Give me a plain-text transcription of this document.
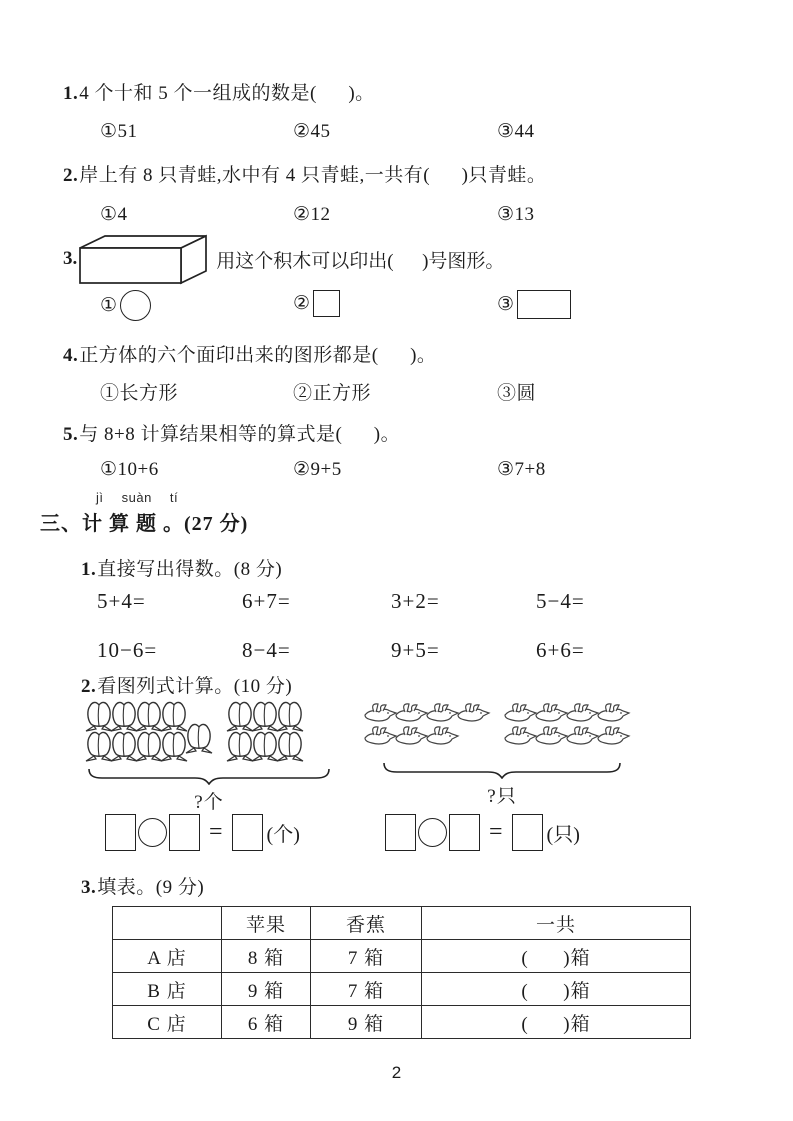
1.4 个十和 5 个一组成的数是(      )。
①51	②45	③44
2.岸上有 8 只青蛙,水中有 4 只青蛙,一共有(      )只青蛙。
①4	②12	③13
3.	用这个积木可以印出(      )号图形。
①	②	③
4.正方体的六个面印出来的图形都是(      )。
①长方形	②正方形	③圆
5.与 8+8 计算结果相等的算式是(      )。
①10+6	②9+5	③7+8
jì suàn tí
三、计 算 题 。(27 分)
1.直接写出得数。(8 分)
5+4=	6+7=	3+2=	5−4=
10−6=	8−4=	9+5=	6+6=
2.看图列式计算。(10 分)
?个	?只
= (个)	= (只)
3.填表。(9 分)
	苹果	香蕉	一共
A 店	8 箱	7 箱	(      )箱
B 店	9 箱	7 箱	(      )箱
C 店	6 箱	9 箱	(      )箱
2
